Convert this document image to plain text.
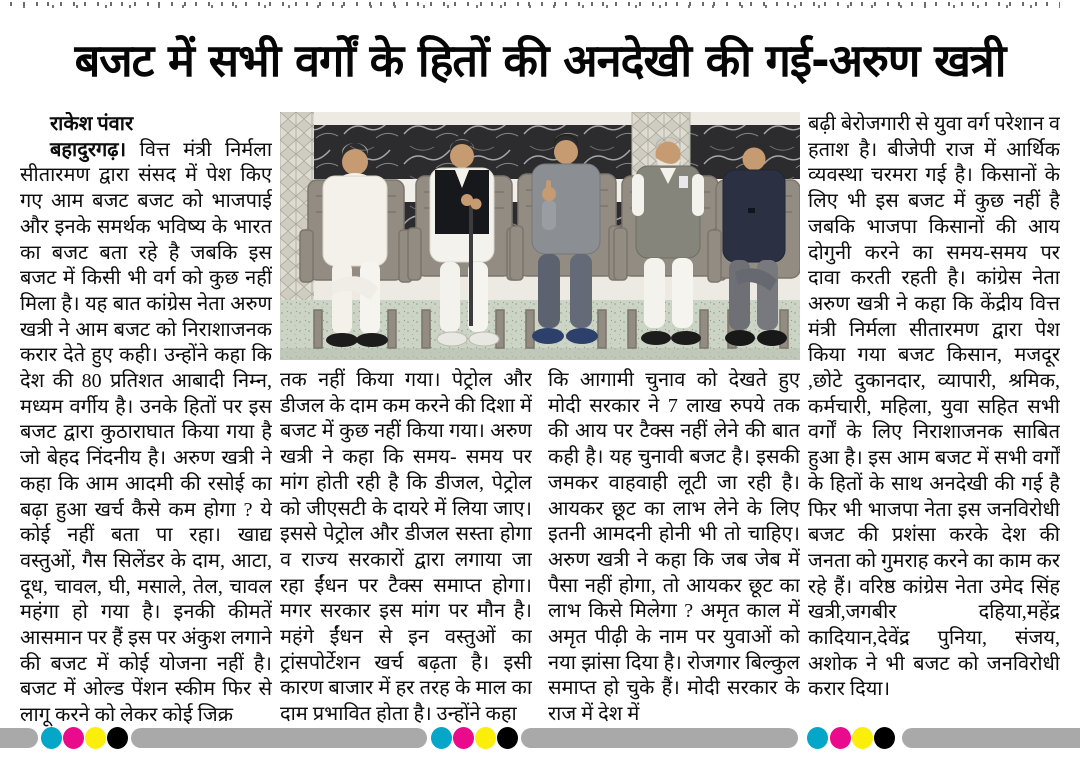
बजट में सभी वर्गों के हितों की अनदेखी की गई-अरुण खत्री
राकेश पंवार

बहादुरगढ़। वित्त मंत्री निर्मला सीतारमण द्वारा संसद में पेश किए गए आम बजट बजट को भाजपाई और इनके समर्थक भविष्य के भारत का बजट बता रहे है जबकि इस बजट में किसी भी वर्ग को कुछ नहीं मिला है। यह बात कांग्रेस नेता अरुण खत्री ने आम बजट को निराशाजनक करार देते हुए कही। उन्होंने कहा कि देश की 80 प्रतिशत आबादी निम्न, मध्यम वर्गीय है। उनके हितों पर इस बजट द्वारा कुठाराघात किया गया है जो बेहद निंदनीय है। अरुण खत्री ने कहा कि आम आदमी की रसोई का बढ़ा हुआ खर्च कैसे कम होगा ? ये कोई नहीं बता पा रहा। खाद्य वस्तुओं, गैस सिलेंडर के दाम, आटा, दूध, चावल, घी, मसाले, तेल, चावल महंगा हो गया है। इनकी कीमतें आसमान पर हैं इस पर अंकुश लगाने की बजट में कोई योजना नहीं है। बजट में ओल्ड पेंशन स्कीम फिर से लागू करने को लेकर कोई जिक्र

तक नहीं किया गया। पेट्रोल और डीजल के दाम कम करने की दिशा में बजट में कुछ नहीं किया गया। अरुण खत्री ने कहा कि समय- समय पर मांग होती रही है कि डीजल, पेट्रोल को जीएसटी के दायरे में लिया जाए। इससे पेट्रोल और डीजल सस्ता होगा व राज्य सरकारों द्वारा लगाया जा रहा ईंधन पर टैक्स समाप्त होगा। मगर सरकार इस मांग पर मौन है। महंगे ईंधन से इन वस्तुओं का ट्रांसपोर्टेशन खर्च बढ़ता है। इसी कारण बाजार में हर तरह के माल का दाम प्रभावित होता है। उन्होंने कहा
कि आगामी चुनाव को देखते हुए मोदी सरकार ने 7 लाख रुपये तक की आय पर टैक्स नहीं लेने की बात कही है। यह चुनावी बजट है। इसकी जमकर वाहवाही लूटी जा रही है। आयकर छूट का लाभ लेने के लिए इतनी आमदनी होनी भी तो चाहिए। अरुण खत्री ने कहा कि जब जेब में पैसा नहीं होगा, तो आयकर छूट का लाभ किसे मिलेगा ? अमृत काल में अमृत पीढ़ी के नाम पर युवाओं को नया झांसा दिया है। रोजगार बिल्कुल समाप्त हो चुके हैं। मोदी सरकार के राज में देश में
बढ़ी बेरोजगारी से युवा वर्ग परेशान व हताश है। बीजेपी राज में आर्थिक व्यवस्था चरमरा गई है। किसानों के लिए भी इस बजट में कुछ नहीं है जबकि भाजपा किसानों की आय दोगुनी करने का समय-समय पर दावा करती रहती है। कांग्रेस नेता अरुण खत्री ने कहा कि केंद्रीय वित्त मंत्री निर्मला सीतारमण द्वारा पेश किया गया बजट किसान, मजदूर ,छोटे दुकानदार, व्यापारी, श्रमिक, कर्मचारी, महिला, युवा सहित सभी वर्गों के लिए निराशाजनक साबित हुआ है। इस आम बजट में सभी वर्गों के हितों के साथ अनदेखी की गई है फिर भी भाजपा नेता इस जनविरोधी बजट की प्रशंसा करके देश की जनता को गुमराह करने का काम कर रहे हैं। वरिष्ठ कांग्रेस नेता उमेद सिंह खत्री,जगबीर दहिया,महेंद्र कादियान,देवेंद्र पुनिया, संजय, अशोक ने भी बजट को जनविरोधी करार दिया।
